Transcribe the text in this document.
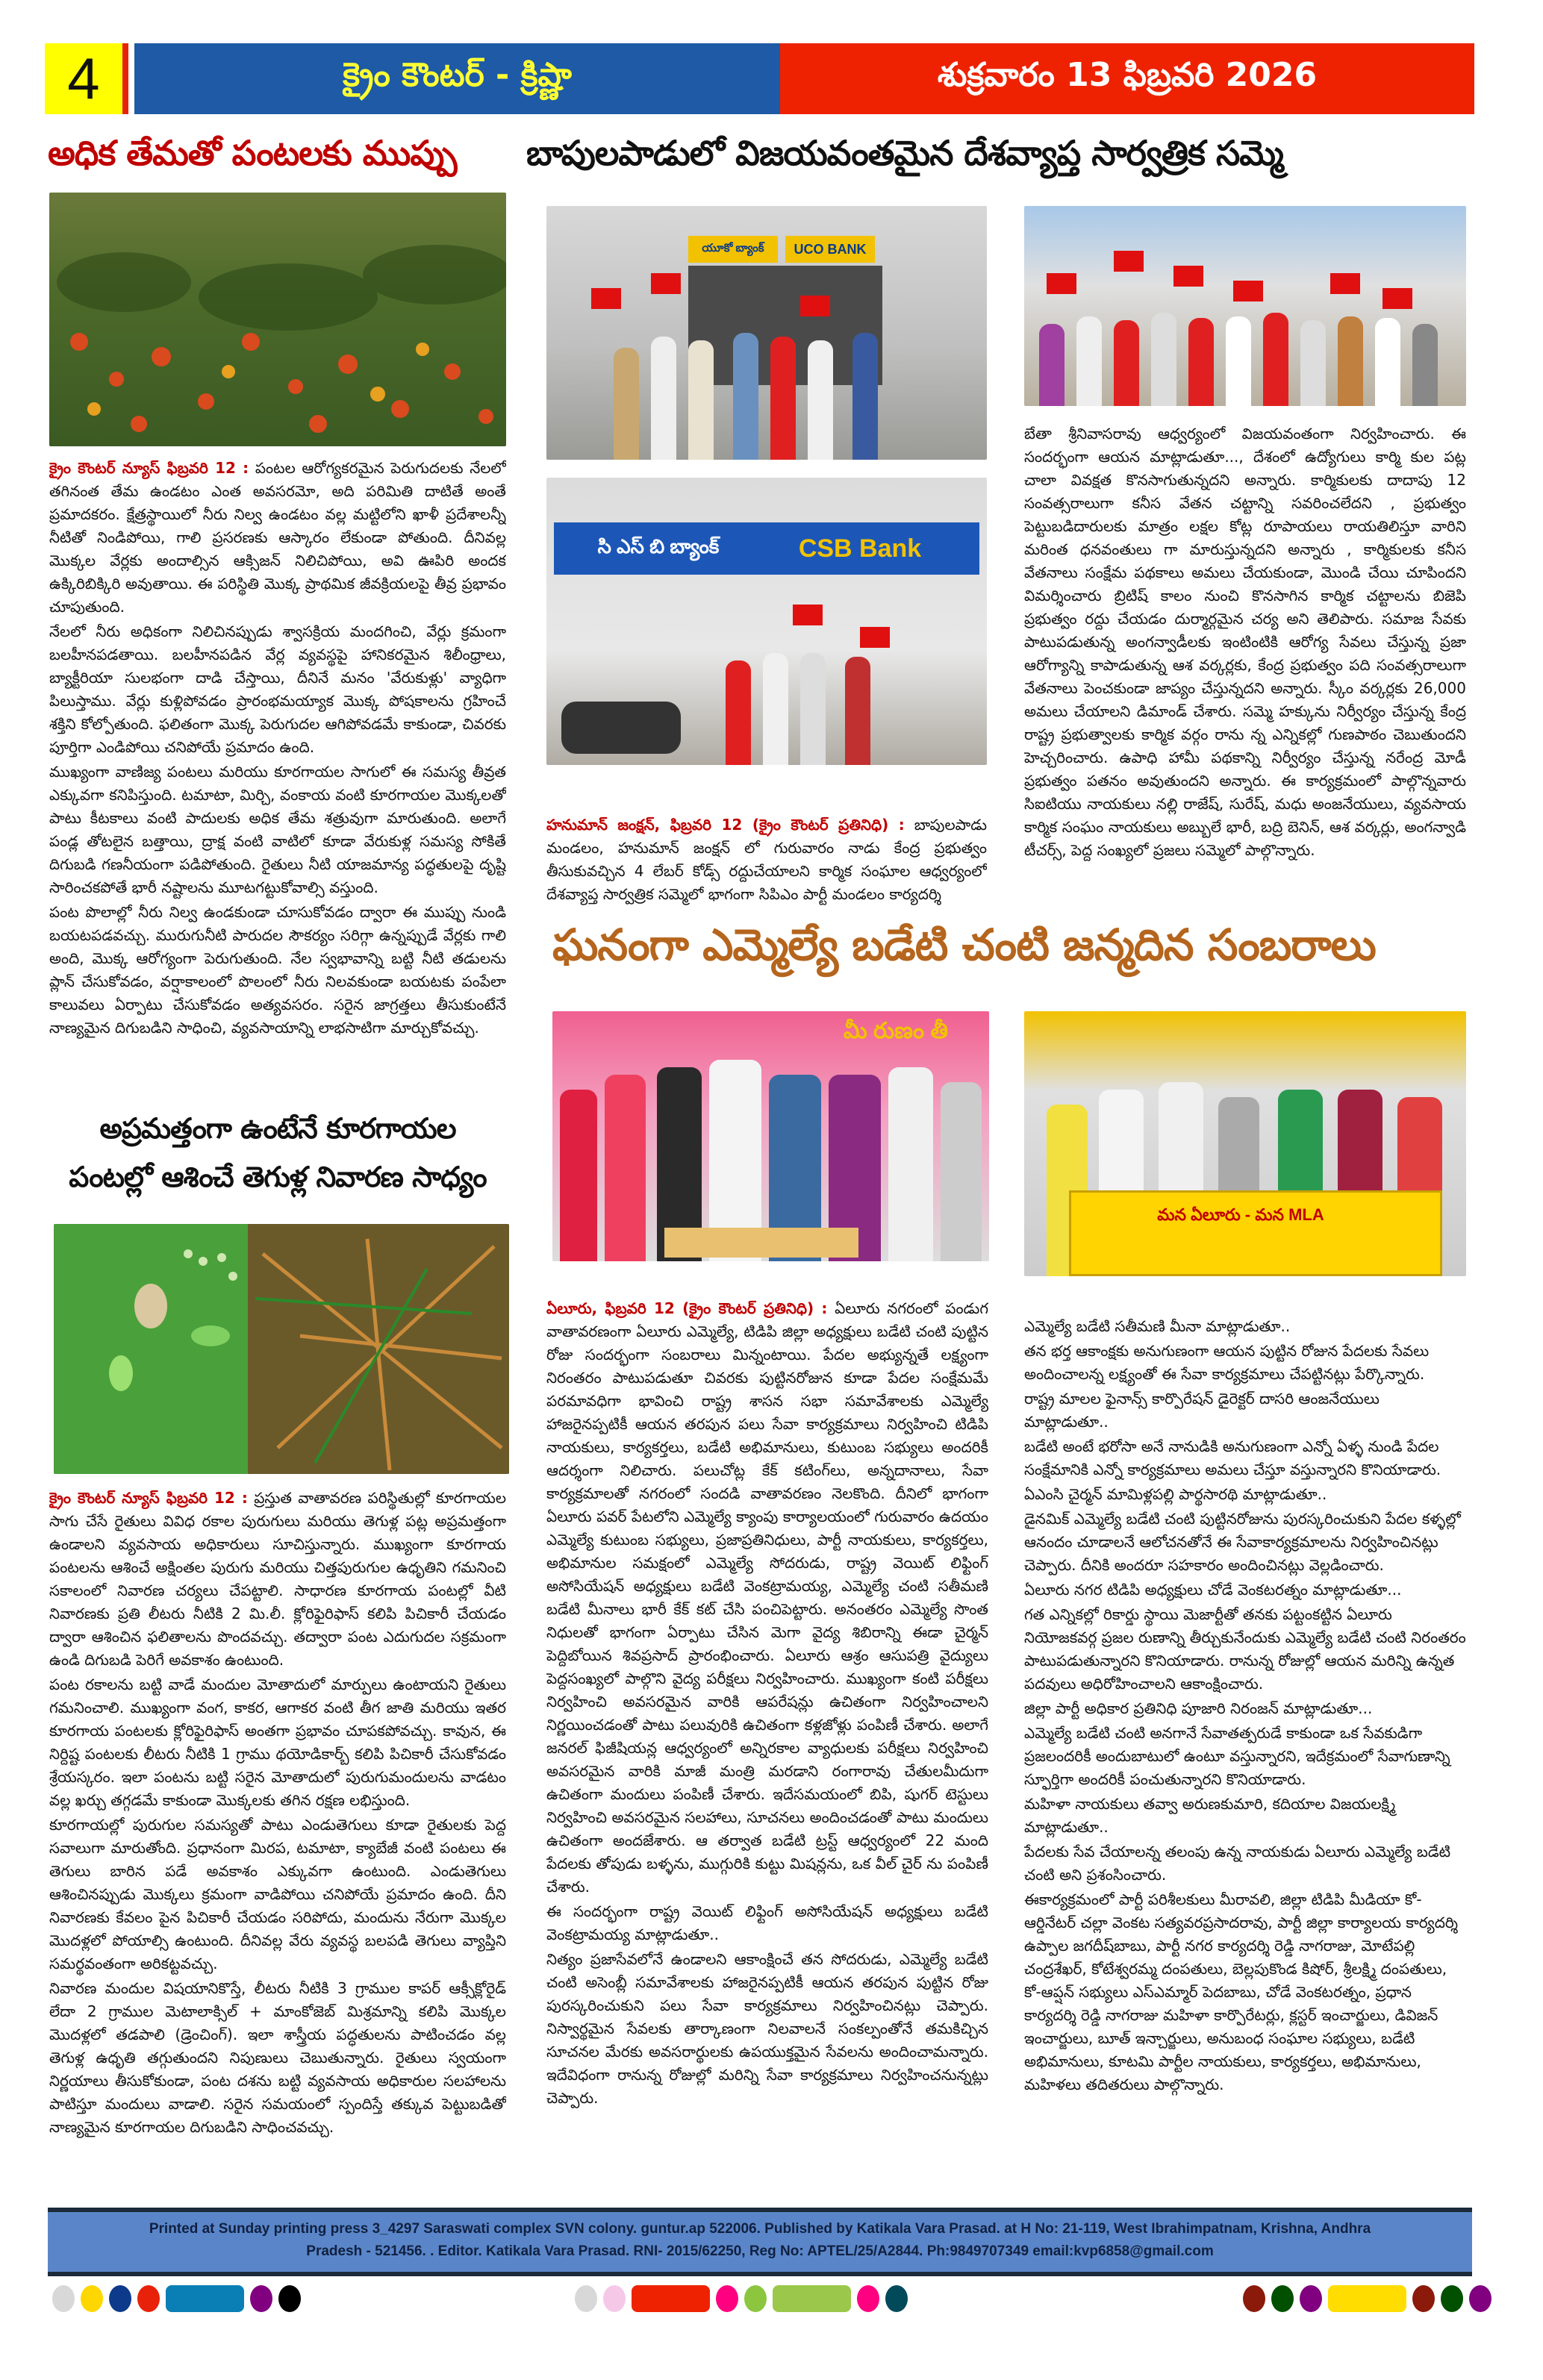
4	క్రైం కౌంటర్ - క్రిష్ణా	శుక్రవారం 13 ఫిబ్రవరి 2026
అధిక తేమతో పంటలకు ముప్పు

క్రైం కౌంటర్ న్యూస్ ఫిబ్రవరి 12 : పంటల ఆరోగ్యకరమైన పెరుగుదలకు నేలలో తగినంత తేమ ఉండటం ఎంత అవసరమో, అది పరిమితి దాటితే అంతే ప్రమాదకరం. క్షేత్రస్థాయిలో నీరు నిల్వ ఉండటం వల్ల మట్టిలోని ఖాళీ ప్రదేశాలన్నీ నీటితో నిండిపోయి, గాలి ప్రసరణకు ఆస్కారం లేకుండా పోతుంది. దీనివల్ల మొక్కల వేర్లకు అందాల్సిన ఆక్సిజన్ నిలిచిపోయి, అవి ఊపిరి అందక ఉక్కిరిబిక్కిరి అవుతాయి. ఈ పరిస్థితి మొక్క ప్రాథమిక జీవక్రియలపై తీవ్ర ప్రభావం చూపుతుంది.

నేలలో నీరు అధికంగా నిలిచినప్పుడు శ్వాసక్రియ మందగించి, వేర్లు క్రమంగా బలహీనపడతాయి. బలహీనపడిన వేర్ల వ్యవస్థపై హానికరమైన శిలీంధ్రాలు, బ్యాక్టీరియా సులభంగా దాడి చేస్తాయి, దీనినే మనం 'వేరుకుళ్లు' వ్యాధిగా పిలుస్తాము. వేర్లు కుళ్లిపోవడం ప్రారంభమయ్యాక మొక్క పోషకాలను గ్రహించే శక్తిని కోల్పోతుంది. ఫలితంగా మొక్క పెరుగుదల ఆగిపోవడమే కాకుండా, చివరకు పూర్తిగా ఎండిపోయి చనిపోయే ప్రమాదం ఉంది.

ముఖ్యంగా వాణిజ్య పంటలు మరియు కూరగాయల సాగులో ఈ సమస్య తీవ్రత ఎక్కువగా కనిపిస్తుంది. టమాటా, మిర్చి, వంకాయ వంటి కూరగాయల మొక్కలతో పాటు కీటకాలు వంటి పాదులకు అధిక తేమ శత్రువుగా మారుతుంది. అలాగే పండ్ల తోటలైన బత్తాయి, ద్రాక్ష వంటి వాటిలో కూడా వేరుకుళ్ల సమస్య సోకితే దిగుబడి గణనీయంగా పడిపోతుంది. రైతులు నీటి యాజమాన్య పద్ధతులపై దృష్టి సారించకపోతే భారీ నష్టాలను మూటగట్టుకోవాల్సి వస్తుంది.

పంట పొలాల్లో నీరు నిల్వ ఉండకుండా చూసుకోవడం ద్వారా ఈ ముప్పు నుండి బయటపడవచ్చు. మురుగునీటి పారుదల సౌకర్యం సరిగ్గా ఉన్నప్పుడే వేర్లకు గాలి అంది, మొక్క ఆరోగ్యంగా పెరుగుతుంది. నేల స్వభావాన్ని బట్టి నీటి తడులను ప్లాన్ చేసుకోవడం, వర్షాకాలంలో పొలంలో నీరు నిలవకుండా బయటకు పంపేలా కాలువలు ఏర్పాటు చేసుకోవడం అత్యవసరం. సరైన జాగ్రత్తలు తీసుకుంటేనే నాణ్యమైన దిగుబడిని సాధించి, వ్యవసాయాన్ని లాభసాటిగా మార్చుకోవచ్చు.

అప్రమత్తంగా ఉంటేనే కూరగాయల
పంటల్లో ఆశించే తెగుళ్ల నివారణ సాధ్యం

క్రైం కౌంటర్ న్యూస్ ఫిబ్రవరి 12 : ప్రస్తుత వాతావరణ పరిస్థితుల్లో కూరగాయల సాగు చేసే రైతులు వివిధ రకాల పురుగులు మరియు తెగుళ్ల పట్ల అప్రమత్తంగా ఉండాలని వ్యవసాయ అధికారులు సూచిస్తున్నారు. ముఖ్యంగా కూరగాయ పంటలను ఆశించే అక్షింతల పురుగు మరియు చిత్తపురుగుల ఉధృతిని గమనించి సకాలంలో నివారణ చర్యలు చేపట్టాలి. సాధారణ కూరగాయ పంటల్లో వీటి నివారణకు ప్రతి లీటరు నీటికి 2 మి.లీ. క్లోరిఫైరిఫాస్ కలిపి పిచికారీ చేయడం ద్వారా ఆశించిన ఫలితాలను పొందవచ్చు. తద్వారా పంట ఎదుగుదల సక్రమంగా ఉండి దిగుబడి పెరిగే అవకాశం ఉంటుంది.

పంట రకాలను బట్టి వాడే మందుల మోతాదులో మార్పులు ఉంటాయని రైతులు గమనించాలి. ముఖ్యంగా వంగ, కాకర, ఆగాకర వంటి తీగ జాతి మరియు ఇతర కూరగాయ పంటలకు క్లోరిఫైరిఫాస్ అంతగా ప్రభావం చూపకపోవచ్చు. కావున, ఈ నిర్దిష్ట పంటలకు లీటరు నీటికి 1 గ్రాము థయోడికార్బ్ కలిపి పిచికారీ చేసుకోవడం శ్రేయస్కరం. ఇలా పంటను బట్టి సరైన మోతాదులో పురుగుమందులను వాడటం వల్ల ఖర్చు తగ్గడమే కాకుండా మొక్కలకు తగిన రక్షణ లభిస్తుంది.

కూరగాయల్లో పురుగుల సమస్యతో పాటు ఎండుతెగులు కూడా రైతులకు పెద్ద సవాలుగా మారుతోంది. ప్రధానంగా మిరప, టమాటా, క్యాబేజీ వంటి పంటలు ఈ తెగులు బారిన పడే అవకాశం ఎక్కువగా ఉంటుంది. ఎండుతెగులు ఆశించినప్పుడు మొక్కలు క్రమంగా వాడిపోయి చనిపోయే ప్రమాదం ఉంది. దీని నివారణకు కేవలం పైన పిచికారీ చేయడం సరిపోదు, మందును నేరుగా మొక్కల మొదళ్లలో పోయాల్సి ఉంటుంది. దీనివల్ల వేరు వ్యవస్థ బలపడి తెగులు వ్యాప్తిని సమర్థవంతంగా అరికట్టవచ్చు.

నివారణ మందుల విషయానికొస్తే, లీటరు నీటికి 3 గ్రాముల కాపర్ ఆక్సీక్లోరైడ్ లేదా 2 గ్రాముల మెటాలాక్సిల్ + మాంకోజెబ్ మిశ్రమాన్ని కలిపి మొక్కల మొదళ్లలో తడపాలి (డ్రెంచింగ్). ఇలా శాస్త్రీయ పద్ధతులను పాటించడం వల్ల తెగుళ్ల ఉధృతి తగ్గుతుందని నిపుణులు చెబుతున్నారు. రైతులు స్వయంగా నిర్ణయాలు తీసుకోకుండా, పంట దశను బట్టి వ్యవసాయ అధికారుల సలహాలను పాటిస్తూ మందులు వాడాలి. సరైన సమయంలో స్పందిస్తే తక్కువ పెట్టుబడితో నాణ్యమైన కూరగాయల దిగుబడిని సాధించవచ్చు.

బాపులపాడులో విజయవంతమైన దేశవ్యాప్త సార్వత్రిక సమ్మె
యూకో బ్యాంక్	UCO BANK
సి ఎస్ బి బ్యాంక్	CSB Bank
హనుమాన్ జంక్షన్, ఫిబ్రవరి 12 (క్రైం కౌంటర్ ప్రతినిధి) : బాపులపాడు మండలం, హనుమాన్ జంక్షన్ లో గురువారం నాడు కేంద్ర ప్రభుత్వం తీసుకువచ్చిన 4 లేబర్ కోడ్స్ రద్దుచేయాలని కార్మిక సంఘాల ఆధ్వర్యంలో దేశవ్యాప్త సార్వత్రిక సమ్మెలో భాగంగా సిపిఎం పార్టీ మండలం కార్యదర్శి
బేతా శ్రీనివాసరావు ఆధ్వర్యంలో విజయవంతంగా నిర్వహించారు. ఈ సందర్భంగా ఆయన మాట్లాడుతూ..., దేశంలో ఉద్యోగులు కార్మి కుల పట్ల చాలా వివక్షత కొనసాగుతున్నదని అన్నారు. కార్మికులకు దాదాపు 12 సంవత్సరాలుగా కనీస వేతన చట్టాన్ని సవరించలేదని , ప్రభుత్వం పెట్టుబడిదారులకు మాత్రం లక్షల కోట్ల రూపాయలు రాయతిలిస్తూ వారిని మరింత ధనవంతులు గా మారుస్తున్నదని అన్నారు , కార్మికులకు కనీస వేతనాలు సంక్షేమ పథకాలు అమలు చేయకుండా, మొండి చేయి చూపిందని విమర్శించారు బ్రిటిష్ కాలం నుంచి కొనసాగిన కార్మిక చట్టాలను బిజెపి ప్రభుత్వం రద్దు చేయడం దుర్మార్గమైన చర్య అని తెలిపారు. సమాజ సేవకు పాటుపడుతున్న అంగన్వాడీలకు ఇంటింటికి ఆరోగ్య సేవలు చేస్తున్న ప్రజా ఆరోగ్యాన్ని కాపాడుతున్న ఆశ వర్కర్లకు, కేంద్ర ప్రభుత్వం పది సంవత్సరాలుగా వేతనాలు పెంచకుండా జాప్యం చేస్తున్నదని అన్నారు. స్కీం వర్కర్లకు 26,000 అమలు చేయాలని డిమాండ్ చేశారు. సమ్మె హక్కును నిర్వీర్యం చేస్తున్న కేంద్ర రాష్ట్ర ప్రభుత్వాలకు కార్మిక వర్గం రాను న్న ఎన్నికల్లో గుణపాఠం చెబుతుందని హెచ్చరించారు. ఉపాధి హామీ పథకాన్ని నిర్వీర్యం చేస్తున్న నరేంద్ర మోడీ ప్రభుత్వం పతనం అవుతుందని అన్నారు. ఈ కార్యక్రమంలో పాల్గొన్నవారు సిఐటియు నాయకులు నల్లి రాజేష్, సురేష్, మధు అంజనేయులు, వ్యవసాయ కార్మిక సంఘం నాయకులు అబ్బులే భారీ, బద్రి బెనిన్, ఆశ వర్కర్లు, అంగన్వాడి టీచర్స్, పెద్ద సంఖ్యలో ప్రజలు సమ్మెలో పాల్గొన్నారు.
ఘనంగా ఎమ్మెల్యే బడేటి చంటి జన్మదిన సంబరాలు
మీ రుణం తీ
మన ఏలూరు - మన MLA

ఏలూరు, ఫిబ్రవరి 12 (క్రైం కౌంటర్ ప్రతినిధి) : ఏలూరు నగరంలో పండుగ వాతావరణంగా ఏలూరు ఎమ్మెల్యే, టిడిపి జిల్లా అధ్యక్షులు బడేటి చంటి పుట్టిన రోజు సందర్భంగా సంబరాలు మిన్నంటాయి. పేదల అభ్యున్నతే లక్ష్యంగా నిరంతరం పాటుపడుతూ చివరకు పుట్టినరోజున కూడా పేదల సంక్షేమమే పరమావధిగా భావించి రాష్ట్ర శాసన సభా సమావేశాలకు ఎమ్మెల్యే హాజరైనప్పటికీ ఆయన తరపున పలు సేవా కార్యక్రమాలు నిర్వహించి టిడిపి నాయకులు, కార్యకర్తలు, బడేటి అభిమానులు, కుటుంబ సభ్యులు అందరికీ ఆదర్శంగా నిలిచారు. పలుచోట్ల కేక్ కటింగ్‌లు, అన్నదానాలు, సేవా కార్యక్రమాలతో నగరంలో సందడి వాతావరణం నెలకొంది. దీనిలో భాగంగా ఏలూరు పవర్ పేటలోని ఎమ్మెల్యే క్యాంపు కార్యాలయంలో గురువారం ఉదయం ఎమ్మెల్యే కుటుంబ సభ్యులు, ప్రజాప్రతినిధులు, పార్టీ నాయకులు, కార్యకర్తలు, అభిమానుల సమక్షంలో ఎమ్మెల్యే సోదరుడు, రాష్ట్ర వెయిట్ లిఫ్టింగ్ అసోసియేషన్ అధ్యక్షులు బడేటి వెంకట్రామయ్య, ఎమ్మెల్యే చంటి సతీమణి బడేటి మీనాలు భారీ కేక్ కట్ చేసి పంచిపెట్టారు. అనంతరం ఎమ్మెల్యే సొంత నిధులతో భాగంగా ఏర్పాటు చేసిన మెగా వైద్య శిబిరాన్ని ఈడా చైర్మన్ పెద్దిబోయిన శివప్రసాద్ ప్రారంభించారు. ఏలూరు ఆశ్రం ఆసుపత్రి వైద్యులు పెద్దసంఖ్యలో పాల్గొని వైద్య పరీక్షలు నిర్వహించారు. ముఖ్యంగా కంటి పరీక్షలు నిర్వహించి అవసరమైన వారికి ఆపరేషన్లు ఉచితంగా నిర్వహించాలని నిర్ణయించడంతో పాటు పలువురికి ఉచితంగా కళ్లజోళ్లు పంపిణీ చేశారు. అలాగే జనరల్ ఫిజీషియన్ల ఆధ్వర్యంలో అన్నిరకాల వ్యాధులకు పరీక్షలు నిర్వహించి అవసరమైన వారికి మాజీ మంత్రి మరడాని రంగారావు చేతులమీదుగా ఉచితంగా మందులు పంపిణీ చేశారు. ఇదేసమయంలో బిపి, షుగర్ టెస్టులు నిర్వహించి అవసరమైన సలహాలు, సూచనలు అందించడంతో పాటు మందులు ఉచితంగా అందజేశారు. ఆ తర్వాత బడేటి ట్రస్ట్ ఆధ్వర్యంలో 22 మంది పేదలకు తోపుడు బళ్ళను, ముగ్గురికి కుట్టు మిషన్లను, ఒక వీల్ చైర్ ను పంపిణీ చేశారు.

ఈ సందర్భంగా రాష్ట్ర వెయిట్ లిఫ్టింగ్ అసోసియేషన్ అధ్యక్షులు బడేటి వెంకట్రామయ్య మాట్లాడుతూ..

నిత్యం ప్రజాసేవలోనే ఉండాలని ఆకాంక్షించే తన సోదరుడు, ఎమ్మెల్యే బడేటి చంటి అసెంబ్లీ సమావేశాలకు హాజరైనప్పటికీ ఆయన తరపున పుట్టిన రోజు పురస్కరించుకుని పలు సేవా కార్యక్రమాలు నిర్వహించినట్లు చెప్పారు. నిస్వార్థమైన సేవలకు తార్కాణంగా నిలవాలనే సంకల్పంతోనే తమకిచ్చిన సూచనల మేరకు అవసరార్థులకు ఉపయుక్తమైన సేవలను అందించామన్నారు. ఇదేవిధంగా రానున్న రోజుల్లో మరిన్ని సేవా కార్యక్రమాలు నిర్వహించనున్నట్లు చెప్పారు.

ఎమ్మెల్యే బడేటి సతీమణి మీనా మాట్లాడుతూ..

తన భర్త ఆకాంక్షకు అనుగుణంగా ఆయన పుట్టిన రోజున పేదలకు సేవలు అందించాలన్న లక్ష్యంతో ఈ సేవా కార్యక్రమాలు చేపట్టినట్లు పేర్కొన్నారు.

రాష్ట్ర మాలల ఫైనాన్స్ కార్పొరేషన్ డైరెక్టర్ దాసరి ఆంజనేయులు మాట్లాడుతూ..

బడేటి అంటే భరోసా అనే నానుడికి అనుగుణంగా ఎన్నో ఏళ్ళ నుండి పేదల సంక్షేమానికి ఎన్నో కార్యక్రమాలు అమలు చేస్తూ వస్తున్నారని కొనియాడారు.

ఏఎంసి చైర్మన్ మామిళ్లపల్లి పార్థసారథి మాట్లాడుతూ..

డైనమిక్ ఎమ్మెల్యే బడేటి చంటి పుట్టినరోజును పురస్కరించుకుని పేదల కళ్ళల్లో ఆనందం చూడాలనే ఆలోచనతోనే ఈ సేవాకార్యక్రమాలను నిర్వహించినట్లు చెప్పారు. దీనికి అందరూ సహకారం అందించినట్లు వెల్లడించారు.

ఏలూరు నగర టిడిపి అధ్యక్షులు చోడే వెంకటరత్నం మాట్లాడుతూ...

గత ఎన్నికల్లో రికార్డు స్థాయి మెజార్టీతో తనకు పట్టంకట్టిన ఏలూరు నియోజకవర్గ ప్రజల రుణాన్ని తీర్చుకునేందుకు ఎమ్మెల్యే బడేటి చంటి నిరంతరం పాటుపడుతున్నారని కొనియాడారు. రానున్న రోజుల్లో ఆయన మరిన్ని ఉన్నత పదవులు అధిరోహించాలని ఆకాంక్షించారు.

జిల్లా పార్టీ అధికార ప్రతినిధి పూజారి నిరంజన్ మాట్లాడుతూ...

ఎమ్మెల్యే బడేటి చంటి అనగానే సేవాతత్పరుడే కాకుండా ఒక సేవకుడిగా ప్రజలందరికీ అందుబాటులో ఉంటూ వస్తున్నారని, ఇదేక్రమంలో సేవాగుణాన్ని స్ఫూర్తిగా అందరికీ పంచుతున్నారని కొనియాడారు.

మహిళా నాయకులు తవ్వా అరుణకుమారి, కదియాల విజయలక్ష్మి మాట్లాడుతూ..

పేదలకు సేవ చేయాలన్న తలంపు ఉన్న నాయకుడు ఏలూరు ఎమ్మెల్యే బడేటి చంటి అని ప్రశంసించారు.

ఈకార్యక్రమంలో పార్టీ పరిశీలకులు మీరావలి, జిల్లా టిడిపి మీడియా కో-ఆర్డినేటర్ చల్లా వెంకట సత్యవరప్రసాదరావు, పార్టీ జిల్లా కార్యాలయ కార్యదర్శి ఉప్పాల జగదీష్‌బాబు, పార్టీ నగర కార్యదర్శి రెడ్డి నాగరాజు, మోటేపల్లి చంద్రశేఖర్, కోటేశ్వరమ్మ దంపతులు, బెల్లపుకొండ కిషోర్, శ్రీలక్ష్మి దంపతులు, కో-ఆప్షన్ సభ్యులు ఎస్ఎమ్మార్ పెదబాబు, చోడే వెంకటరత్నం, ప్రధాన కార్యదర్శి రెడ్డి నాగరాజు మహిళా కార్పొరేటర్లు, క్లస్టర్ ఇంచార్జులు, డివిజన్ ఇంచార్జులు, బూత్ ఇన్చార్జులు, అనుబంధ సంఘాల సభ్యులు, బడేటి అభిమానులు, కూటమి పార్టీల నాయకులు, కార్యకర్తలు, అభిమానులు, మహిళలు తదితరులు పాల్గొన్నారు.

Printed at Sunday printing press 3_4297 Saraswati complex SVN colony. guntur.ap 522006. Published by Katikala Vara Prasad. at H No: 21-119, West Ibrahimpatnam, Krishna, Andhra
Pradesh - 521456. . Editor. Katikala Vara Prasad. RNI- 2015/62250, Reg No: APTEL/25/A2844. Ph:9849707349 email:kvp6858@gmail.com
